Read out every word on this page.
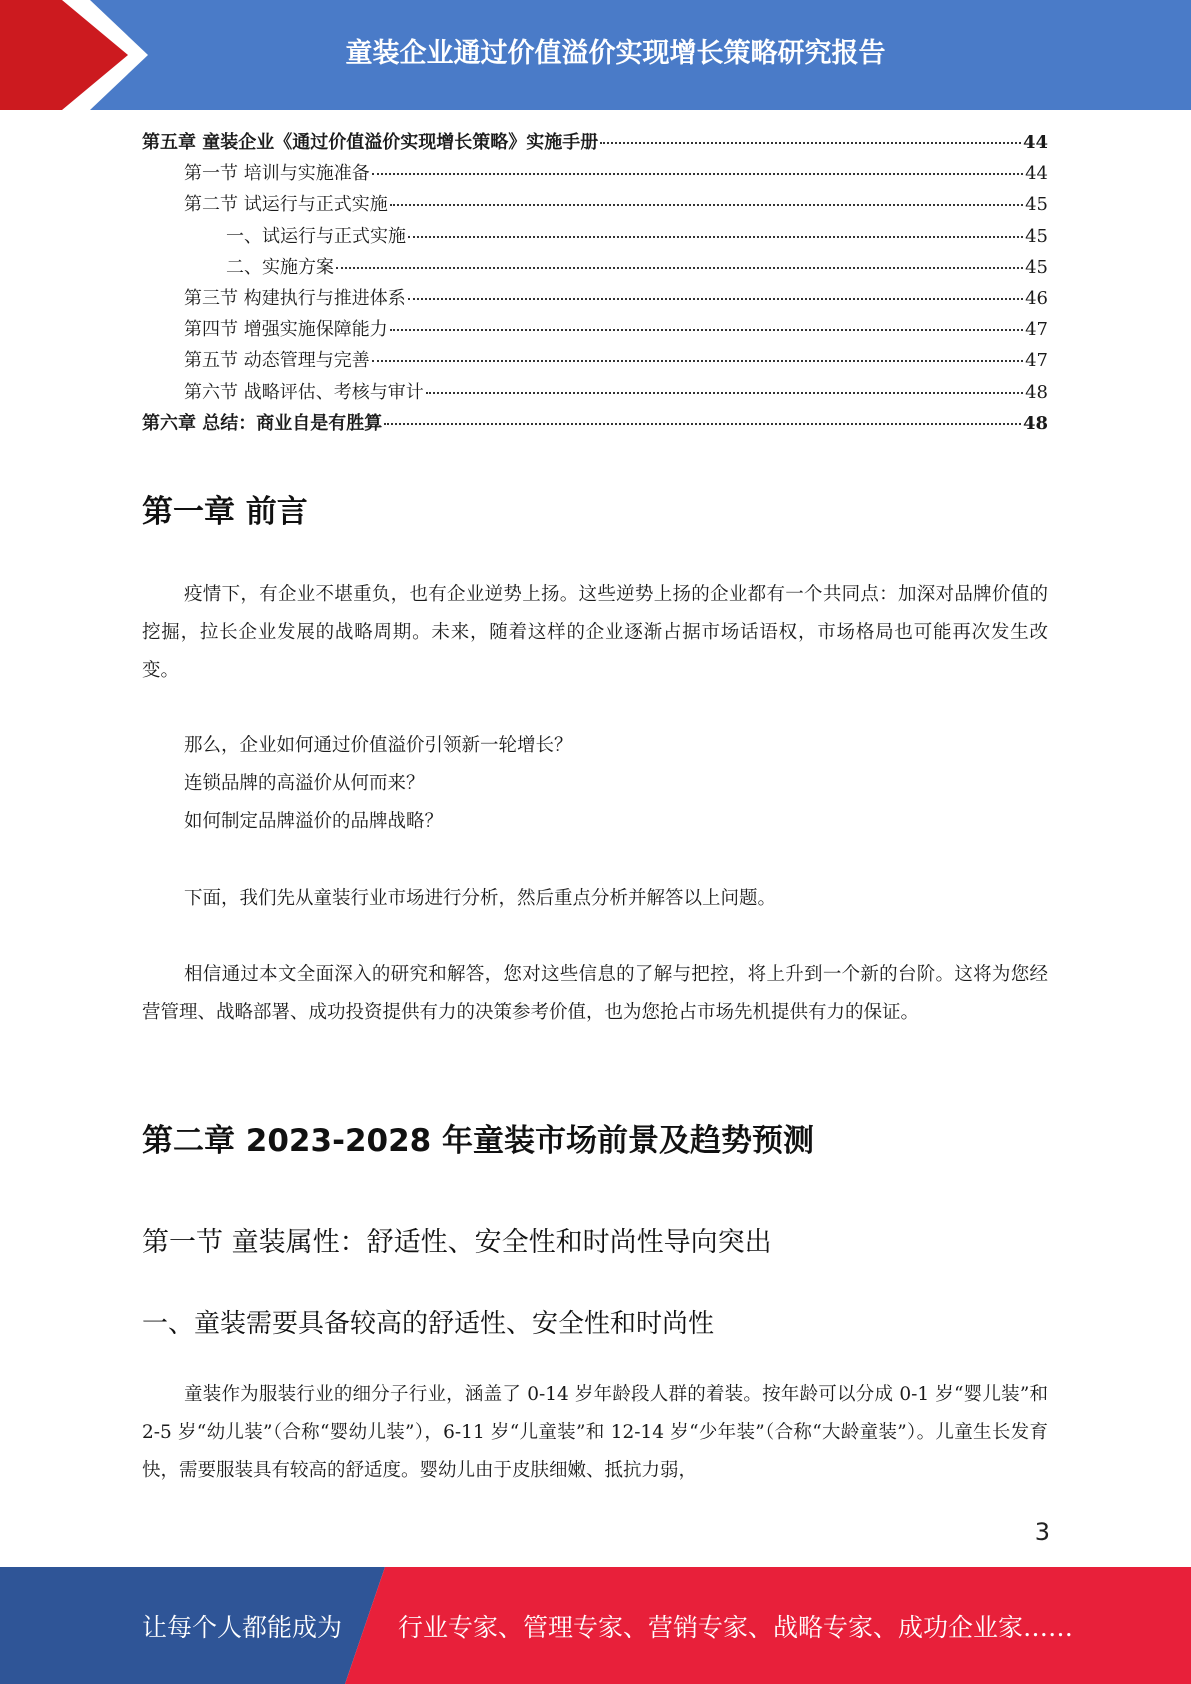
童装企业通过价值溢价实现增长策略研究报告
第五章 童装企业《通过价值溢价实现增长策略》实施手册	44
第一节 培训与实施准备	44
第二节 试运行与正式实施	45
一、试运行与正式实施	45
二、实施方案	45
第三节 构建执行与推进体系	46
第四节 增强实施保障能力	47
第五节 动态管理与完善	47
第六节 战略评估、考核与审计	48
第六章 总结：商业自是有胜算	48
第一章 前言
疫情下，有企业不堪重负，也有企业逆势上扬。这些逆势上扬的企业都有一个共同点：加深对品牌价值的挖掘，拉长企业发展的战略周期。未来，随着这样的企业逐渐占据市场话语权，市场格局也可能再次发生改变。
那么，企业如何通过价值溢价引领新一轮增长？
连锁品牌的高溢价从何而来？
如何制定品牌溢价的品牌战略？
下面，我们先从童装行业市场进行分析，然后重点分析并解答以上问题。
相信通过本文全面深入的研究和解答，您对这些信息的了解与把控，将上升到一个新的台阶。这将为您经营管理、战略部署、成功投资提供有力的决策参考价值，也为您抢占市场先机提供有力的保证。
第二章 2023-2028 年童装市场前景及趋势预测
第一节 童装属性：舒适性、安全性和时尚性导向突出
一、童装需要具备较高的舒适性、安全性和时尚性
童装作为服装行业的细分子行业，涵盖了 0-14 岁年龄段人群的着装。按年龄可以分成 0-1 岁“婴儿装”和 2-5 岁“幼儿装”（合称“婴幼儿装”），6-11 岁“儿童装”和 12-14 岁“少年装”（合称“大龄童装”）。儿童生长发育快，需要服装具有较高的舒适度。婴幼儿由于皮肤细嫩、抵抗力弱，
3
让每个人都能成为 行业专家、管理专家、营销专家、战略专家、成功企业家……
